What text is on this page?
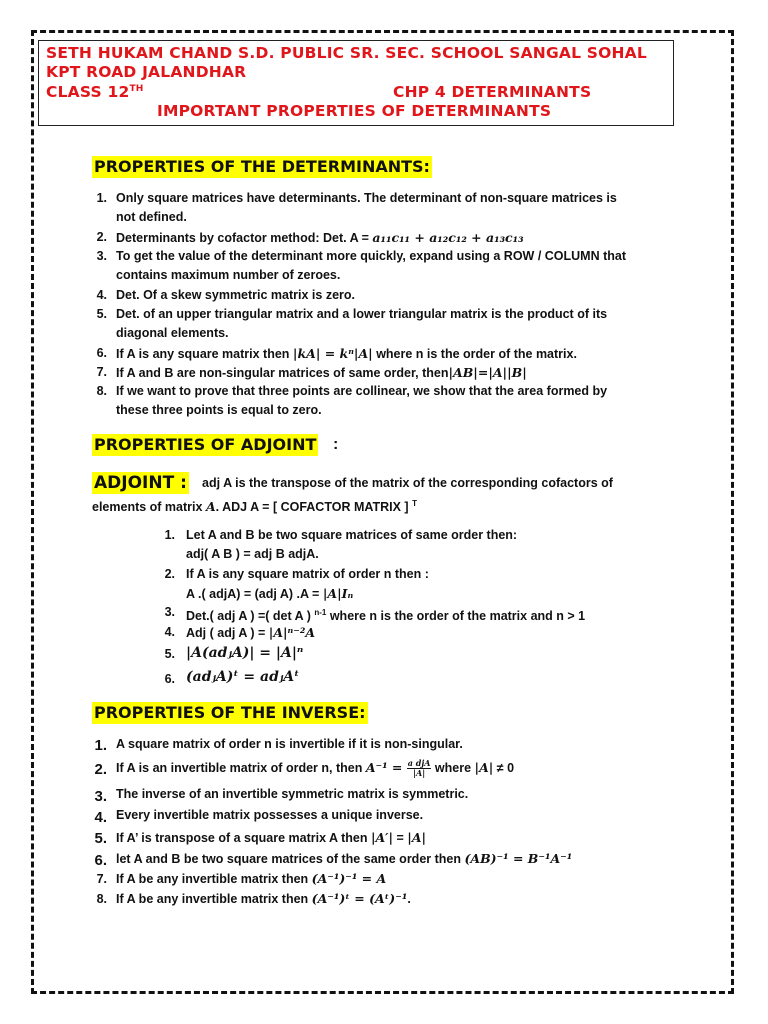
SETH HUKAM CHAND S.D. PUBLIC SR. SEC. SCHOOL SANGAL SOHAL
KPT ROAD JALANDHAR
CLASS 12TH	CHP 4 DETERMINANTS
IMPORTANT PROPERTIES OF DETERMINANTS
PROPERTIES OF THE DETERMINANTS:
1. Only square matrices have determinants. The determinant of non-square matrices is
not defined.
2. Determinants by cofactor method: Det. A = a₁₁c₁₁ + a₁₂c₁₂ + a₁₃c₁₃
3. To get the value of the determinant more quickly, expand using a ROW / COLUMN that
contains maximum number of zeroes.
4. Det. Of a skew symmetric matrix is zero.
5. Det. of an upper triangular matrix and a lower triangular matrix is the product of its
diagonal elements.
6. If A is any square matrix then |kA| = kⁿ|A| where n is the order of the matrix.
7. If A and B are non-singular matrices of same order, then|AB|=|A||B|
8. If we want to prove that three points are collinear, we show that the area formed by
these three points is equal to zero.
PROPERTIES OF ADJOINT :
ADJOINT : adj A is the transpose of the matrix of the corresponding cofactors of
elements of matrix A. ADJ A = [ COFACTOR MATRIX ] $^T$
1. Let A and B be two square matrices of same order then:
adj( A B ) = adj B adjA.
2. If A is any square matrix of order n then :
A .( adjA) = (adj A) .A = |A|Iₙ
3. Det.( adj A ) =( det A ) $^{n-1}$ where n is the order of the matrix and n > 1
4. Adj ( adj A ) = |A|ⁿ⁻²A
5. |A(adⱼA)| = |A|ⁿ
6. (adⱼA)ᵗ = adⱼAᵗ
PROPERTIES OF THE INVERSE:
1. A square matrix of order n is invertible if it is non-singular.
2. If A is an invertible matrix of order n, then $A^{-1} = \frac{\text{a djA}}{|A|}$ where |A| ≠ 0
3. The inverse of an invertible symmetric matrix is symmetric.
4. Every invertible matrix possesses a unique inverse.
5. If A’ is transpose of a square matrix A then |A′| = |A|
6. let A and B be two square matrices of the same order then (AB)⁻¹ = B⁻¹A⁻¹
7. If A be any invertible matrix then (A⁻¹)⁻¹ = A
8. If A be any invertible matrix then (A⁻¹)ᵗ = (Aᵗ)⁻¹.
